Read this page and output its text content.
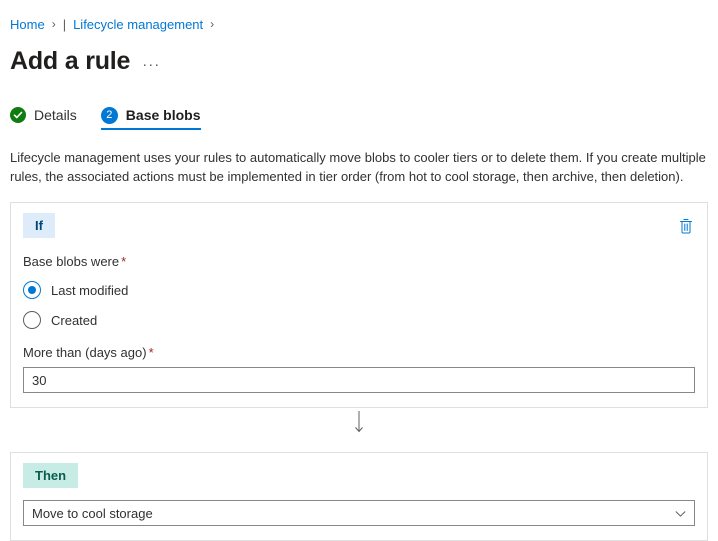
Home › | Lifecycle management ›
Add a rule ···
Details	2 Base blobs
Lifecycle management uses your rules to automatically move blobs to cooler tiers or to delete them. If you create multiple rules, the associated actions must be implemented in tier order (from hot to cool storage, then archive, then deletion).
If
Base blobs were *
Last modified
Created
More than (days ago) *
30
Then
Move to cool storage
